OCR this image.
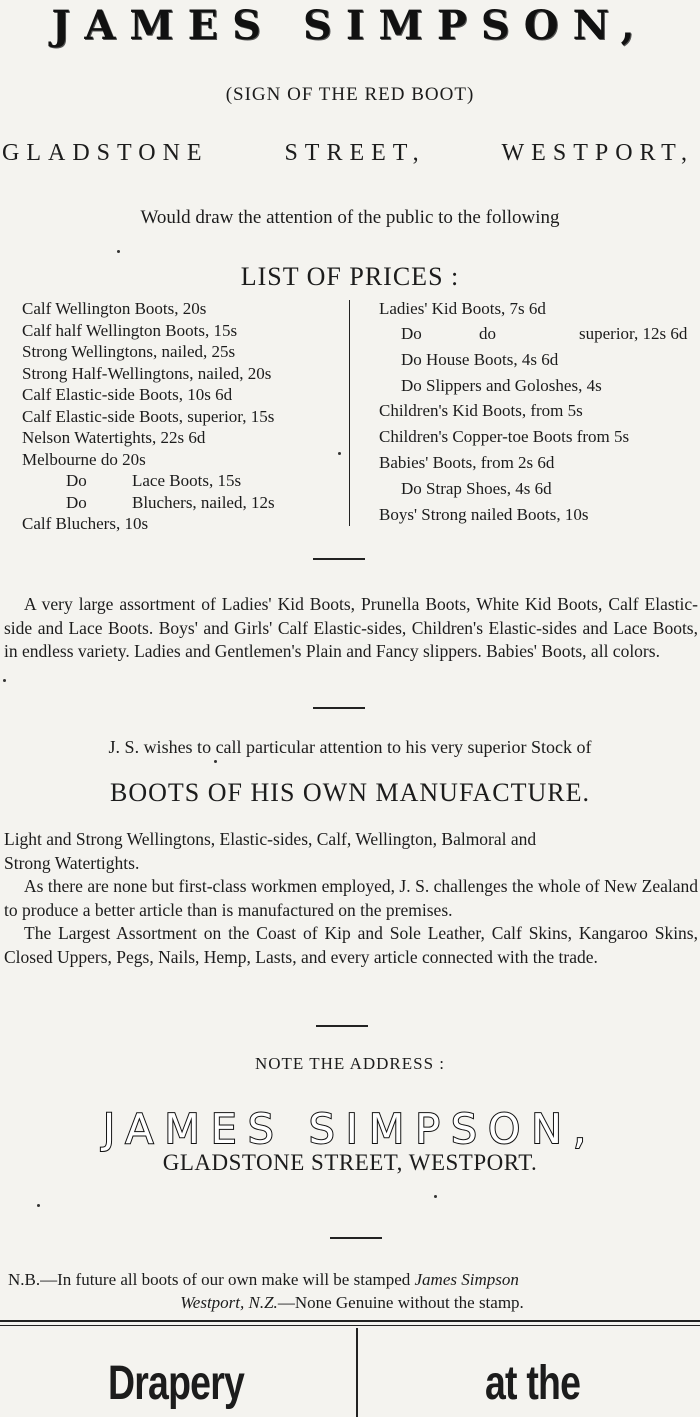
JAMES SIMPSON,
(SIGN OF THE RED BOOT)
GLADSTONE	STREET,	WESTPORT,
Would draw the attention of the public to the following
LIST OF PRICES :
Calf Wellington Boots, 20s
Calf half Wellington Boots, 15s
Strong Wellingtons, nailed, 25s
Strong Half-Wellingtons, nailed, 20s
Calf Elastic-side Boots, 10s 6d
Calf Elastic-side Boots, superior, 15s
Nelson Watertights, 22s 6d
Melbourne do 20s
Do	Lace Boots, 15s
Do	Bluchers, nailed, 12s
Calf Bluchers, 10s
Ladies' Kid Boots, 7s 6d
Do	do	superior, 12s 6d
Do House Boots, 4s 6d
Do Slippers and Goloshes, 4s
Children's Kid Boots, from 5s
Children's Copper-toe Boots from 5s
Babies' Boots, from 2s 6d
Do Strap Shoes, 4s 6d
Boys' Strong nailed Boots, 10s

A very large assortment of Ladies' Kid Boots, Prunella Boots, White Kid Boots, Calf Elastic-side and Lace Boots. Boys' and Girls' Calf Elastic-sides, Children's Elastic-sides and Lace Boots, in endless variety. Ladies and Gentlemen's Plain and Fancy slippers. Babies' Boots, all colors.

J. S. wishes to call particular attention to his very superior Stock of
BOOTS OF HIS OWN MANUFACTURE.

Light and Strong Wellingtons, Elastic-sides, Calf, Wellington, Balmoral and

Strong Watertights.

As there are none but first-class workmen employed, J. S. challenges the whole of New Zealand to produce a better article than is manufactured on the premises.

The Largest Assortment on the Coast of Kip and Sole Leather, Calf Skins, Kangaroo Skins, Closed Uppers, Pegs, Nails, Hemp, Lasts, and every article connected with the trade.

NOTE THE ADDRESS :
JAMES SIMPSON,
GLADSTONE STREET, WESTPORT.
N.B.—In future all boots of our own make will be stamped James Simpson
Westport, N.Z.—None Genuine without the stamp.
Drapery	at the
